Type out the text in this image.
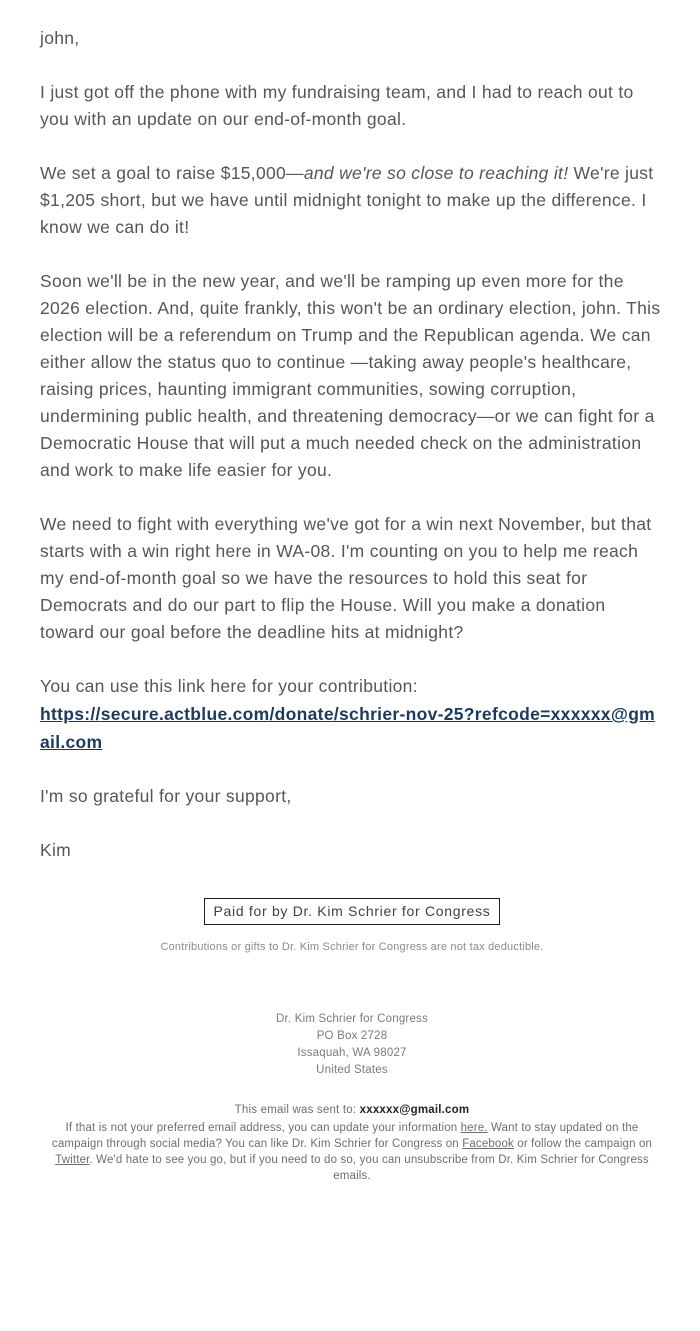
john,

I just got off the phone with my fundraising team, and I had to reach out to you with an update on our end-of-month goal.

We set a goal to raise $15,000—and we're so close to reaching it! We're just $1,205 short, but we have until midnight tonight to make up the difference. I know we can do it!

Soon we'll be in the new year, and we'll be ramping up even more for the 2026 election. And, quite frankly, this won't be an ordinary election, john. This election will be a referendum on Trump and the Republican agenda. We can either allow the status quo to continue —taking away people's healthcare, raising prices, haunting immigrant communities, sowing corruption, undermining public health, and threatening democracy—or we can fight for a Democratic House that will put a much needed check on the administration and work to make life easier for you.

We need to fight with everything we've got for a win next November, but that starts with a win right here in WA-08. I'm counting on you to help me reach my end-of-month goal so we have the resources to hold this seat for Democrats and do our part to flip the House. Will you make a donation toward our goal before the deadline hits at midnight?

You can use this link here for your contribution:
https://secure.actblue.com/donate/schrier-nov-25?refcode=xxxxxx@gmail.com

I'm so grateful for your support,

Kim

Paid for by Dr. Kim Schrier for Congress
Contributions or gifts to Dr. Kim Schrier for Congress are not tax deductible.
Dr. Kim Schrier for Congress
PO Box 2728
Issaquah, WA 98027
United States
This email was sent to: xxxxxx@gmail.com
If that is not your preferred email address, you can update your information here. Want to stay updated on the campaign through social media? You can like Dr. Kim Schrier for Congress on Facebook or follow the campaign on Twitter. We'd hate to see you go, but if you need to do so, you can unsubscribe from Dr. Kim Schrier for Congress emails.
